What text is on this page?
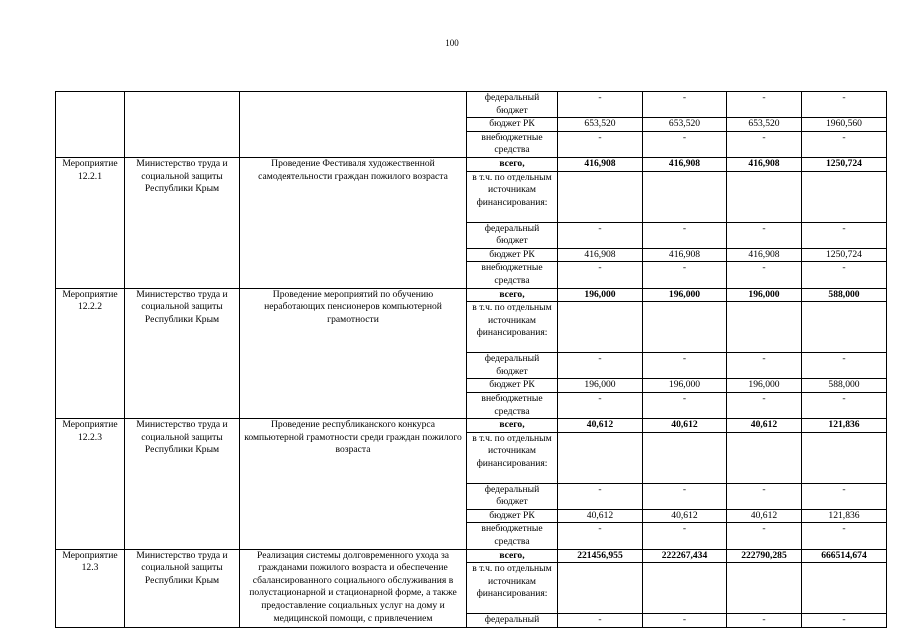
100
			федеральный бюджет	-	-	-	-
			бюджет РК	653,520	653,520	653,520	1960,560
			внебюджетные средства	-	-	-	-
Мероприятие 12.2.1	Министерство труда и социальной защиты Республики Крым	Проведение Фестиваля художественной самодеятельности граждан пожилого возраста	всего,	416,908	416,908	416,908	1250,724
			в т.ч. по отдельным источникам финансирования:				
			федеральный бюджет	-	-	-	-
			бюджет РК	416,908	416,908	416,908	1250,724
			внебюджетные средства	-	-	-	-
Мероприятие 12.2.2	Министерство труда и социальной защиты Республики Крым	Проведение мероприятий по обучению неработающих пенсионеров компьютерной грамотности	всего,	196,000	196,000	196,000	588,000
			в т.ч. по отдельным источникам финансирования:				
			федеральный бюджет	-	-	-	-
			бюджет РК	196,000	196,000	196,000	588,000
			внебюджетные средства	-	-	-	-
Мероприятие 12.2.3	Министерство труда и социальной защиты Республики Крым	Проведение республиканского конкурса компьютерной грамотности среди граждан пожилого возраста	всего,	40,612	40,612	40,612	121,836
			в т.ч. по отдельным источникам финансирования:				
			федеральный бюджет	-	-	-	-
			бюджет РК	40,612	40,612	40,612	121,836
			внебюджетные средства	-	-	-	-
Мероприятие 12.3	Министерство труда и социальной защиты Республики Крым	Реализация системы долговременного ухода за гражданами пожилого возраста и обеспечение сбалансированного социального обслуживания в полустационарной и стационарной форме, а также предоставление социальных услуг на дому и медицинской помощи, с привлечением	всего,	221456,955	222267,434	222790,285	666514,674
			в т.ч. по отдельным источникам финансирования:				
			федеральный	-	-	-	-
